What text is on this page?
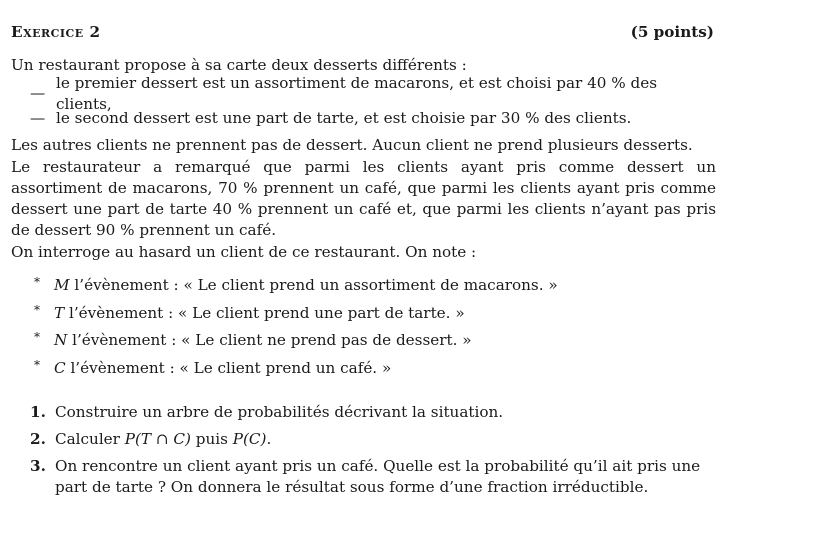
Exercice 2	(5 points)
Un restaurant propose à sa carte deux desserts différents :
—
le premier dessert est un assortiment de macarons, et est choisi par 40 % des clients,
— le second dessert est une part de tarte, et est choisie par 30 % des clients.
Les autres clients ne prennent pas de dessert. Aucun client ne prend plusieurs desserts.
Le restaurateur a remarqué que parmi les clients ayant pris comme dessert un assortiment de macarons, 70 % prennent un café, que parmi les clients ayant pris comme dessert une part de tarte 40 % prennent un café et, que parmi les clients n’ayant pas pris de dessert 90 % prennent un café.
On interroge au hasard un client de ce restaurant. On note :
* M l’évènement : « Le client prend un assortiment de macarons. »
* T l’évènement : « Le client prend une part de tarte. »
* N l’évènement : « Le client ne prend pas de dessert. »
* C l’évènement : « Le client prend un café. »
1. Construire un arbre de probabilités décrivant la situation.
2. Calculer P(T ∩ C) puis P(C).
3. On rencontre un client ayant pris un café. Quelle est la probabilité qu’il ait pris une part de tarte ? On donnera le résultat sous forme d’une fraction irréductible.
